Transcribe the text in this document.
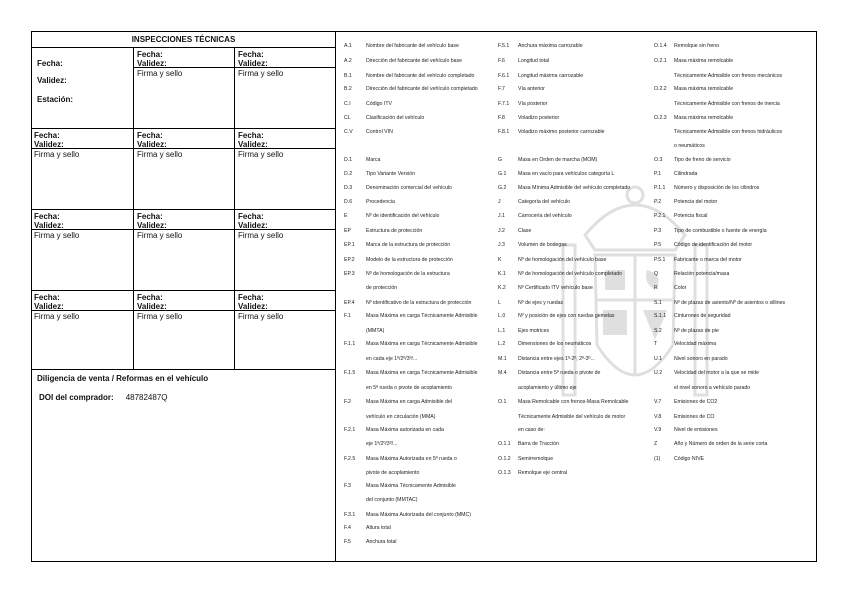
INSPECCIONES TÉCNICAS
Fecha:
Validez:
Estación:
Fecha:
Validez:
Firma y sello
Fecha:
Validez:
Firma y sello
Fecha:
Validez:
Firma y sello
Fecha:
Validez:
Firma y sello
Fecha:
Validez:
Firma y sello
Fecha:
Validez:
Firma y sello
Fecha:
Validez:
Firma y sello
Fecha:
Validez:
Firma y sello
Fecha:
Validez:
Firma y sello
Fecha:
Validez:
Firma y sello
Fecha:
Validez:
Firma y sello
Diligencia de venta / Reformas en el vehículo
DOI del comprador: 48782487Q
A.1	Nombre del fabricante del vehículo base
A.2	Dirección del fabricante del vehículo base
B.1	Nombre del fabricante del vehículo completado
B.2	Dirección del fabricante del vehículo completado
C.I	Código ITV
CL	Clasificación del vehículo
C.V	Control VIN
D.1	Marca
D.2	Tipo Variante Versión
D.3	Denominación comercial del vehículo
D.6	Procedencia
E	Nº de identificación del vehículo
EP	Estructura de protección
EP.1 Marca de la estructura de protección
EP.2 Modelo de la estructura de protección
EP.3 Nº de homologación de la estructura
de protección
EP.4 Nº identificativo de la estructura de protección
F.1	Masa Máxima en carga Técnicamente Admisible
(MMTA)
F.1.1 Masa Máxima en carga Técnicamente Admisible
en cada eje 1º/2º/3º/...
F.1.5 Masa Máxima en carga Técnicamente Admisible
en 5ª rueda o pivote de acoplamiento
F.2	Masa Máxima en carga Admisible del
vehículo en circulación (MMA)
F.2.1 Masa Máxima autorizada en cada
eje 1º/2º/3º/...
F.2.5 Masa Máxima Autorizada en 5ª rueda o
pivote de acoplamiento
F.3	Masa Máxima Técnicamente Admisible
del conjunto (MMTAC)
F.3.1 Masa Máxima Autorizada del conjunto (MMC)
F.4	Altura total
F.5	Anchura total
F.5.1 Anchura máxima carrozable
F.6	Longitud total
F.6.1 Longitud máxima carrozable
F.7	Vía anterior
F.7.1 Vía posterior
F.8	Voladizo posterior
F.8.1 Voladizo máximo posterior carrozable
G	Masa en Orden de marcha (MOM)
G.1 Masa en vacío para vehículos categoría L
G.2 Masa Mínima Admisible del vehículo completado
J	Categoría del vehículo
J.1	Carrocería del vehículo
J.2	Clase
J.3	Volumen de bodegas
K	Nº de homologación del vehículo base
K.1 Nº de homologación del vehículo completado
K.2 Nº Certificado ITV vehículo base
L	Nº de ejes y ruedas
L.0 Nº y posición de ejes con ruedas gemelas
L.1 Ejes motrices
L.2 Dimensiones de los neumáticos
M.1 Distancia entre ejes 1º-2º, 2º-3º...
M.4 Distancia entre 5ª rueda o pivote de
acoplamiento y último eje
O.1 Masa Remolcable con frenos-Masa Remolcable
Técnicamente Admisible del vehículo de motor
en caso de:
O.1.1 Barra de Tracción
O.1.2 Semirremolque
O.1.3 Remolque eje central
O.1.4 Remolque sin freno
O.2.1 Masa máxima remolcable
Técnicamente Admisible con frenos mecánicos
O.2.2 Masa máxima remolcable
Técnicamente Admisible con frenos de inercia
O.2.3 Masa máxima remolcable
Técnicamente Admisible con frenos hidráulicos
o neumáticos
O.3 Tipo de freno de servicio
P.1 Cilindrada
P.1.1 Número y disposición de los cilindros
P.2 Potencia del motor
P.2.1 Potencia fiscal
P.3 Tipo de combustible o fuente de energía
P.5 Código de identificación del motor
P.5.1 Fabricante o marca del motor
Q	Relación potencia/masa
R	Color
S.1 Nº de plazas de asiento/Nº de asientos o sillines
S.1.1 Cinturones de seguridad
S.2 Nº de plazas de pie
T	Velocidad máxima
U.1 Nivel sonoro en parado
U.2 Velocidad del motor a la que se mide
el nivel sonoro a vehículo parado
V.7 Emisiones de CO2
V.8 Emisiones de CO
V.9 Nivel de emisiones
Z	Año y Número de orden de la serie corta
(1)	Código NIVE
